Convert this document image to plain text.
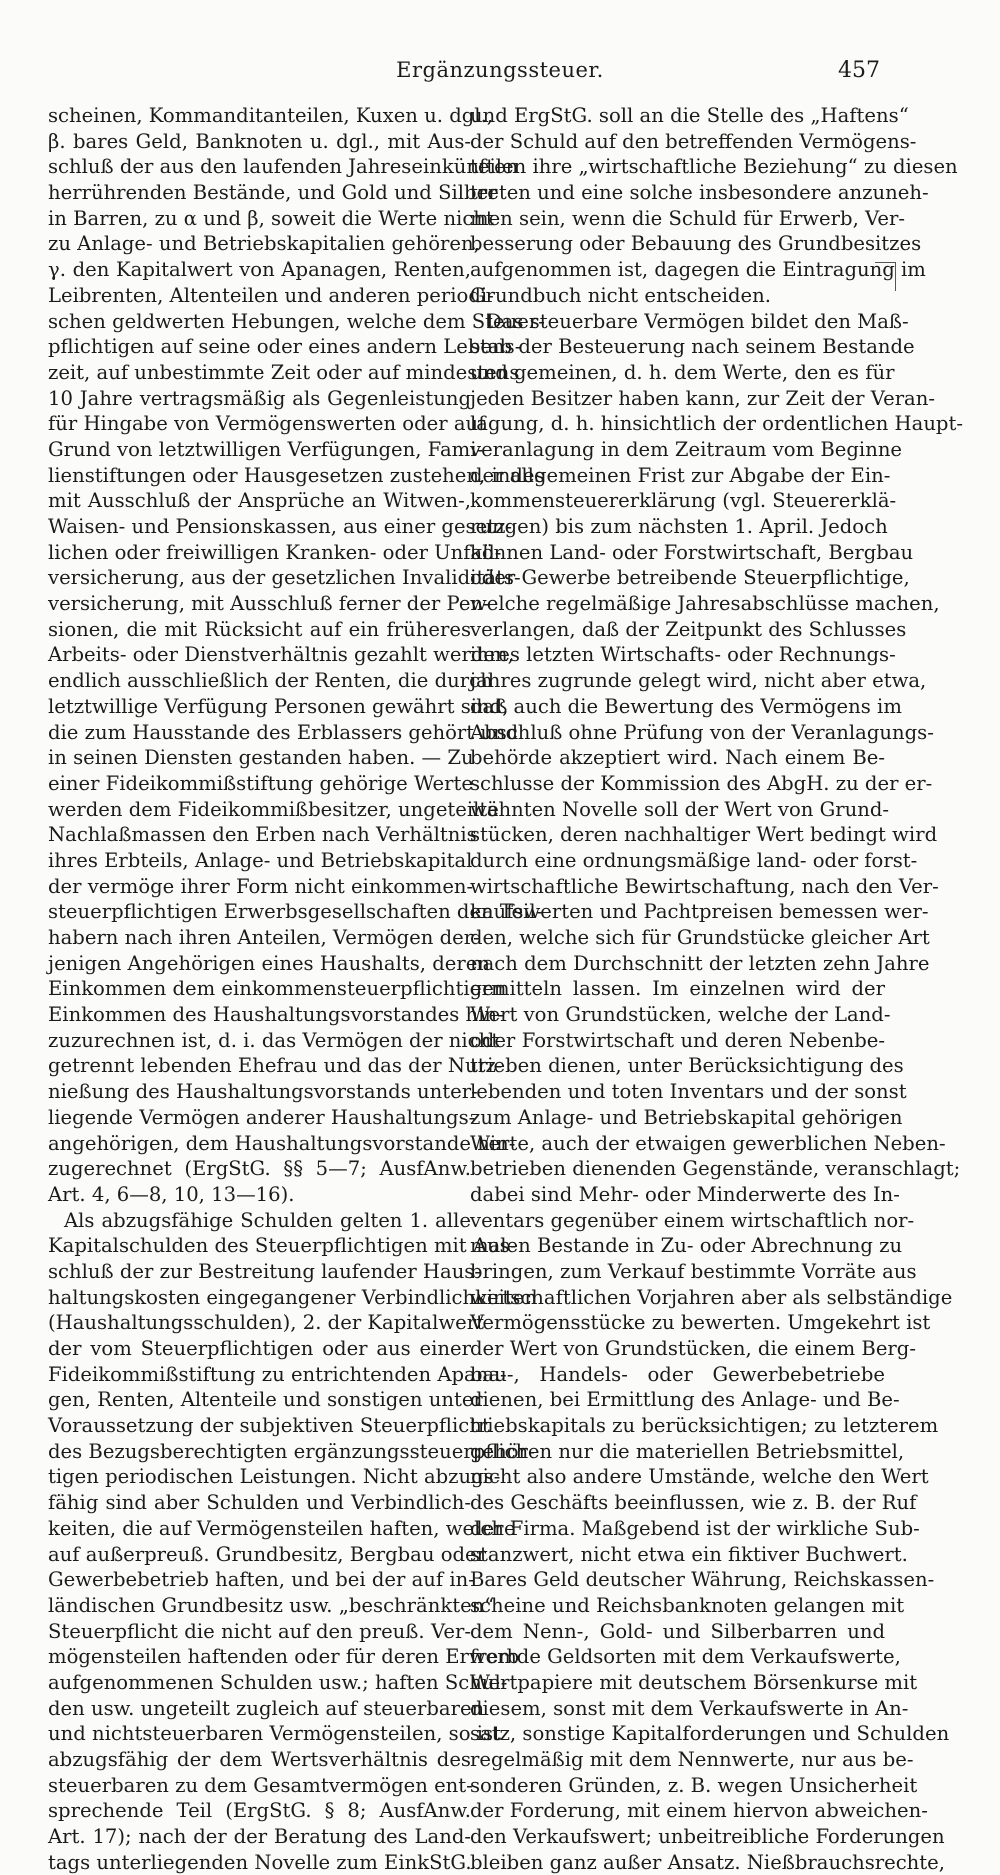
Ergänzungssteuer.	457
scheinen, Kommanditanteilen, Kuxen u. dgl.,
β. bares Geld, Banknoten u. dgl., mit Aus-
schluß der aus den laufenden Jahreseinkünften
herrührenden Bestände, und Gold und Silber
in Barren, zu α und β, soweit die Werte nicht
zu Anlage- und Betriebskapitalien gehören,
γ. den Kapitalwert von Apanagen, Renten,
Leibrenten, Altenteilen und anderen periodi-
schen geldwerten Hebungen, welche dem Steuer-
pflichtigen auf seine oder eines andern Lebens-
zeit, auf unbestimmte Zeit oder auf mindestens
10 Jahre vertragsmäßig als Gegenleistung
für Hingabe von Vermögenswerten oder auf
Grund von letztwilligen Verfügungen, Fami-
lienstiftungen oder Hausgesetzen zustehen, indes
mit Ausschluß der Ansprüche an Witwen-,
Waisen- und Pensionskassen, aus einer gesetz-
lichen oder freiwilligen Kranken- oder Unfall-
versicherung, aus der gesetzlichen Invaliditäts-
versicherung, mit Ausschluß ferner der Pen-
sionen, die mit Rücksicht auf ein früheres
Arbeits- oder Dienstverhältnis gezahlt werden,
endlich ausschließlich der Renten, die durch
letztwillige Verfügung Personen gewährt sind,
die zum Hausstande des Erblassers gehört und
in seinen Diensten gestanden haben. — Zu
einer Fideikommißstiftung gehörige Werte
werden dem Fideikommißbesitzer, ungeteilte
Nachlaßmassen den Erben nach Verhältnis
ihres Erbteils, Anlage- und Betriebskapital
der vermöge ihrer Form nicht einkommen-
steuerpflichtigen Erwerbsgesellschaften den Teil-
habern nach ihren Anteilen, Vermögen der-
jenigen Angehörigen eines Haushalts, deren
Einkommen dem einkommensteuerpflichtigen
Einkommen des Haushaltungsvorstandes hin-
zuzurechnen ist, d. i. das Vermögen der nicht
getrennt lebenden Ehefrau und das der Nutz-
nießung des Haushaltungsvorstands unter-
liegende Vermögen anderer Haushaltungs-
angehörigen, dem Haushaltungsvorstande hin-
zugerechnet (ErgStG. §§ 5—7; AusfAnw.
Art. 4, 6—8, 10, 13—16).
Als abzugsfähige Schulden gelten 1. alle
Kapitalschulden des Steuerpflichtigen mit Aus-
schluß der zur Bestreitung laufender Haus-
haltungskosten eingegangener Verbindlichkeiten
(Haushaltungsschulden), 2. der Kapitalwert
der vom Steuerpflichtigen oder aus einer
Fideikommißstiftung zu entrichtenden Apana-
gen, Renten, Altenteile und sonstigen unter
Voraussetzung der subjektiven Steuerpflicht
des Bezugsberechtigten ergänzungssteuerpflich-
tigen periodischen Leistungen. Nicht abzugs-
fähig sind aber Schulden und Verbindlich-
keiten, die auf Vermögensteilen haften, welche
auf außerpreuß. Grundbesitz, Bergbau oder
Gewerbebetrieb haften, und bei der auf in-
ländischen Grundbesitz usw. „beschränkten“
Steuerpflicht die nicht auf den preuß. Ver-
mögensteilen haftenden oder für deren Erwerb
aufgenommenen Schulden usw.; haften Schul-
den usw. ungeteilt zugleich auf steuerbaren
und nichtsteuerbaren Vermögensteilen, so ist
abzugsfähig der dem Wertsverhältnis des
steuerbaren zu dem Gesamtvermögen ent-
sprechende Teil (ErgStG. § 8; AusfAnw.
Art. 17); nach der der Beratung des Land-
tags unterliegenden Novelle zum EinkStG.
und ErgStG. soll an die Stelle des „Haftens“
der Schuld auf den betreffenden Vermögens-
teilen ihre „wirtschaftliche Beziehung“ zu diesen
treten und eine solche insbesondere anzuneh-
men sein, wenn die Schuld für Erwerb, Ver-
besserung oder Bebauung des Grundbesitzes
aufgenommen ist, dagegen die Eintragung im
Grundbuch nicht entscheiden.
Das steuerbare Vermögen bildet den Maß-
stab der Besteuerung nach seinem Bestande
und gemeinen, d. h. dem Werte, den es für
jeden Besitzer haben kann, zur Zeit der Veran-
lagung, d. h. hinsichtlich der ordentlichen Haupt-
veranlagung in dem Zeitraum vom Beginne
der allgemeinen Frist zur Abgabe der Ein-
kommensteuererklärung (vgl. Steuererklä-
rungen) bis zum nächsten 1. April. Jedoch
können Land- oder Forstwirtschaft, Bergbau
oder Gewerbe betreibende Steuerpflichtige,
welche regelmäßige Jahresabschlüsse machen,
verlangen, daß der Zeitpunkt des Schlusses
ihres letzten Wirtschafts- oder Rechnungs-
jahres zugrunde gelegt wird, nicht aber etwa,
daß auch die Bewertung des Vermögens im
Abschluß ohne Prüfung von der Veranlagungs-
behörde akzeptiert wird. Nach einem Be-
schlusse der Kommission des AbgH. zu der er-
wähnten Novelle soll der Wert von Grund-
stücken, deren nachhaltiger Wert bedingt wird
durch eine ordnungsmäßige land- oder forst-
wirtschaftliche Bewirtschaftung, nach den Ver-
kaufswerten und Pachtpreisen bemessen wer-
den, welche sich für Grundstücke gleicher Art
nach dem Durchschnitt der letzten zehn Jahre
ermitteln lassen. Im einzelnen wird der
Wert von Grundstücken, welche der Land-
oder Forstwirtschaft und deren Nebenbe-
trieben dienen, unter Berücksichtigung des
lebenden und toten Inventars und der sonst
zum Anlage- und Betriebskapital gehörigen
Werte, auch der etwaigen gewerblichen Neben-
betrieben dienenden Gegenstände, veranschlagt;
dabei sind Mehr- oder Minderwerte des In-
ventars gegenüber einem wirtschaftlich nor-
malen Bestande in Zu- oder Abrechnung zu
bringen, zum Verkauf bestimmte Vorräte aus
wirtschaftlichen Vorjahren aber als selbständige
Vermögensstücke zu bewerten. Umgekehrt ist
der Wert von Grundstücken, die einem Berg-
bau-, Handels- oder Gewerbebetriebe
dienen, bei Ermittlung des Anlage- und Be-
triebskapitals zu berücksichtigen; zu letzterem
gehören nur die materiellen Betriebsmittel,
nicht also andere Umstände, welche den Wert
des Geschäfts beeinflussen, wie z. B. der Ruf
der Firma. Maßgebend ist der wirkliche Sub-
stanzwert, nicht etwa ein fiktiver Buchwert.
Bares Geld deutscher Währung, Reichskassen-
scheine und Reichsbanknoten gelangen mit
dem Nenn-, Gold- und Silberbarren und
fremde Geldsorten mit dem Verkaufswerte,
Wertpapiere mit deutschem Börsenkurse mit
diesem, sonst mit dem Verkaufswerte in An-
satz, sonstige Kapitalforderungen und Schulden
regelmäßig mit dem Nennwerte, nur aus be-
sonderen Gründen, z. B. wegen Unsicherheit
der Forderung, mit einem hiervon abweichen-
den Verkaufswert; unbeitreibliche Forderungen
bleiben ganz außer Ansatz. Nießbrauchsrechte,
